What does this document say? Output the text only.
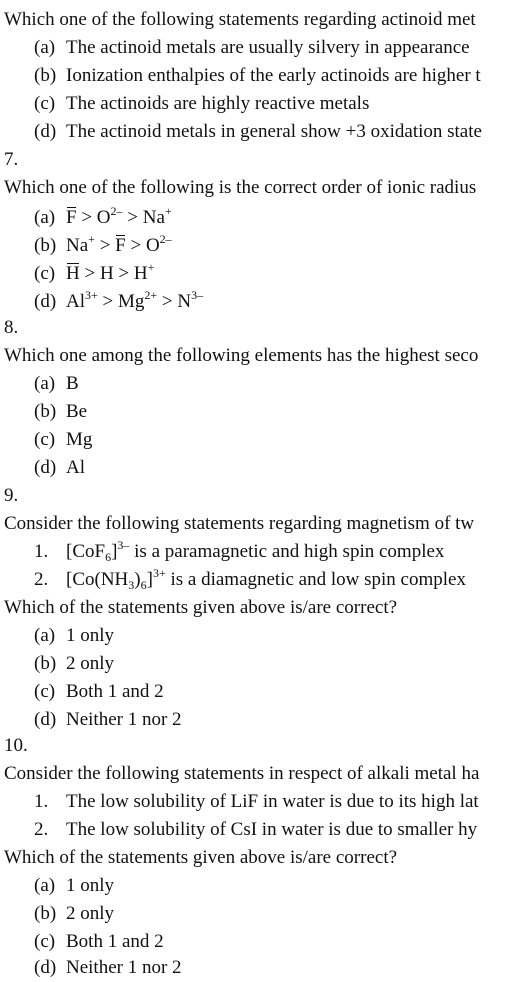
Which one of the following statements regarding actinoid met
(a) The actinoid metals are usually silvery in appearance
(b) Ionization enthalpies of the early actinoids are higher t
(c) The actinoids are highly reactive metals
(d) The actinoid metals in general show +3 oxidation state
7.
Which one of the following is the correct order of ionic radius
(a) $F > O^{2-} > Na^+$
(b) $Na^+ > F > O^{2-}$
(c) H > H > H+
(d) $Al^{3+} > Mg^{2+} > N^{3-}$
8.
Which one among the following elements has the highest seco
(a) B
(b) Be
(c) Mg
(d) Al
9.
Consider the following statements regarding magnetism of tw
1. $[CoF_6]^{3-}$ is a paramagnetic and high spin complex
2. $[Co(NH_3)_6]^{3+}$ is a diamagnetic and low spin complex
Which of the statements given above is/are correct?
(a) 1 only
(b) 2 only
(c) Both 1 and 2
(d) Neither 1 nor 2
10.
Consider the following statements in respect of alkali metal ha
1. The low solubility of LiF in water is due to its high lat
2. The low solubility of CsI in water is due to smaller hy
Which of the statements given above is/are correct?
(a) 1 only
(b) 2 only
(c) Both 1 and 2
(d) Neither 1 nor 2
